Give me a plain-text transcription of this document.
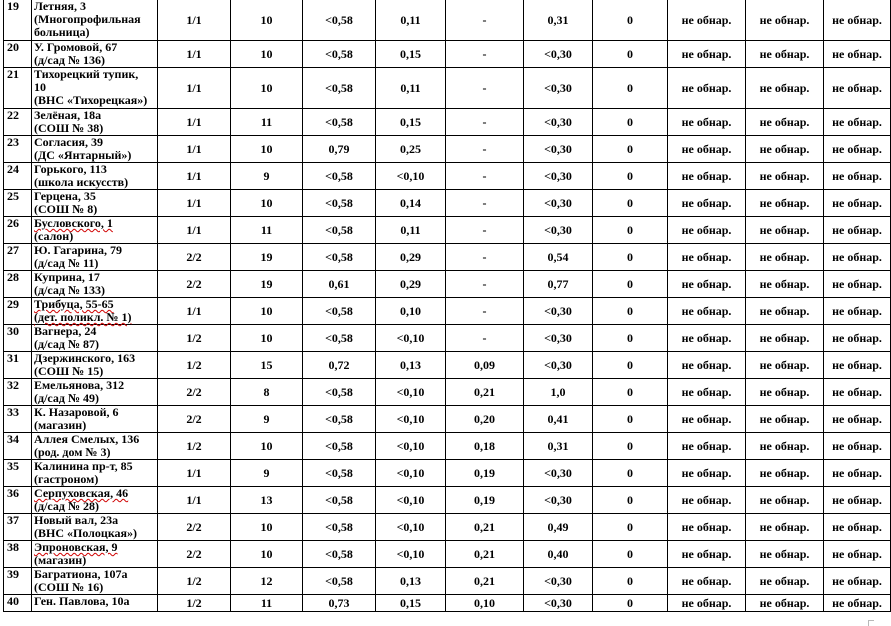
19	Летняя, 3
(Многопрофильная
больница)	1/1	10	<0,58	0,11	-	0,31	0	не обнар.	не обнар.	не обнар.
20	У. Громовой, 67
(д/сад № 136)	1/1	10	<0,58	0,15	-	<0,30	0	не обнар.	не обнар.	не обнар.
21	Тихорецкий тупик,
10
(ВНС «Тихорецкая»)	1/1	10	<0,58	0,11	-	<0,30	0	не обнар.	не обнар.	не обнар.
22	Зелёная, 18а
(СОШ № 38)	1/1	11	<0,58	0,15	-	<0,30	0	не обнар.	не обнар.	не обнар.
23	Согласия, 39
(ДС «Янтарный»)	1/1	10	0,79	0,25	-	<0,30	0	не обнар.	не обнар.	не обнар.
24	Горького, 113
(школа искусств)	1/1	9	<0,58	<0,10	-	<0,30	0	не обнар.	не обнар.	не обнар.
25	Герцена, 35
(СОШ № 8)	1/1	10	<0,58	0,14	-	<0,30	0	не обнар.	не обнар.	не обнар.
26	Бусловского, 1
(салон)	1/1	11	<0,58	0,11	-	<0,30	0	не обнар.	не обнар.	не обнар.
27	Ю. Гагарина, 79
(д/сад № 11)	2/2	19	<0,58	0,29	-	0,54	0	не обнар.	не обнар.	не обнар.
28	Куприна, 17
(д/сад № 133)	2/2	19	0,61	0,29	-	0,77	0	не обнар.	не обнар.	не обнар.
29	Трибуца, 55-65
(дет. поликл. № 1)	1/1	10	<0,58	0,10	-	<0,30	0	не обнар.	не обнар.	не обнар.
30	Вагнера, 24
(д/сад № 87)	1/2	10	<0,58	<0,10	-	<0,30	0	не обнар.	не обнар.	не обнар.
31	Дзержинского, 163
(СОШ № 15)	1/2	15	0,72	0,13	0,09	<0,30	0	не обнар.	не обнар.	не обнар.
32	Емельянова, 312
(д/сад № 49)	2/2	8	<0,58	<0,10	0,21	1,0	0	не обнар.	не обнар.	не обнар.
33	К. Назаровой, 6
(магазин)	2/2	9	<0,58	<0,10	0,20	0,41	0	не обнар.	не обнар.	не обнар.
34	Аллея Смелых, 136
(род. дом № 3)	1/2	10	<0,58	<0,10	0,18	0,31	0	не обнар.	не обнар.	не обнар.
35	Калинина пр-т, 85
(гастроном)	1/1	9	<0,58	<0,10	0,19	<0,30	0	не обнар.	не обнар.	не обнар.
36	Серпуховская, 46
(д/сад № 28)	1/1	13	<0,58	<0,10	0,19	<0,30	0	не обнар.	не обнар.	не обнар.
37	Новый вал, 23а
(ВНС «Полоцкая»)	2/2	10	<0,58	<0,10	0,21	0,49	0	не обнар.	не обнар.	не обнар.
38	Эпроновская, 9
(магазин)	2/2	10	<0,58	<0,10	0,21	0,40	0	не обнар.	не обнар.	не обнар.
39	Багратиона, 107а
(СОШ № 16)	1/2	12	<0,58	0,13	0,21	<0,30	0	не обнар.	не обнар.	не обнар.
40	Ген. Павлова, 10а	1/2	11	0,73	0,15	0,10	<0,30	0	не обнар.	не обнар.	не обнар.
